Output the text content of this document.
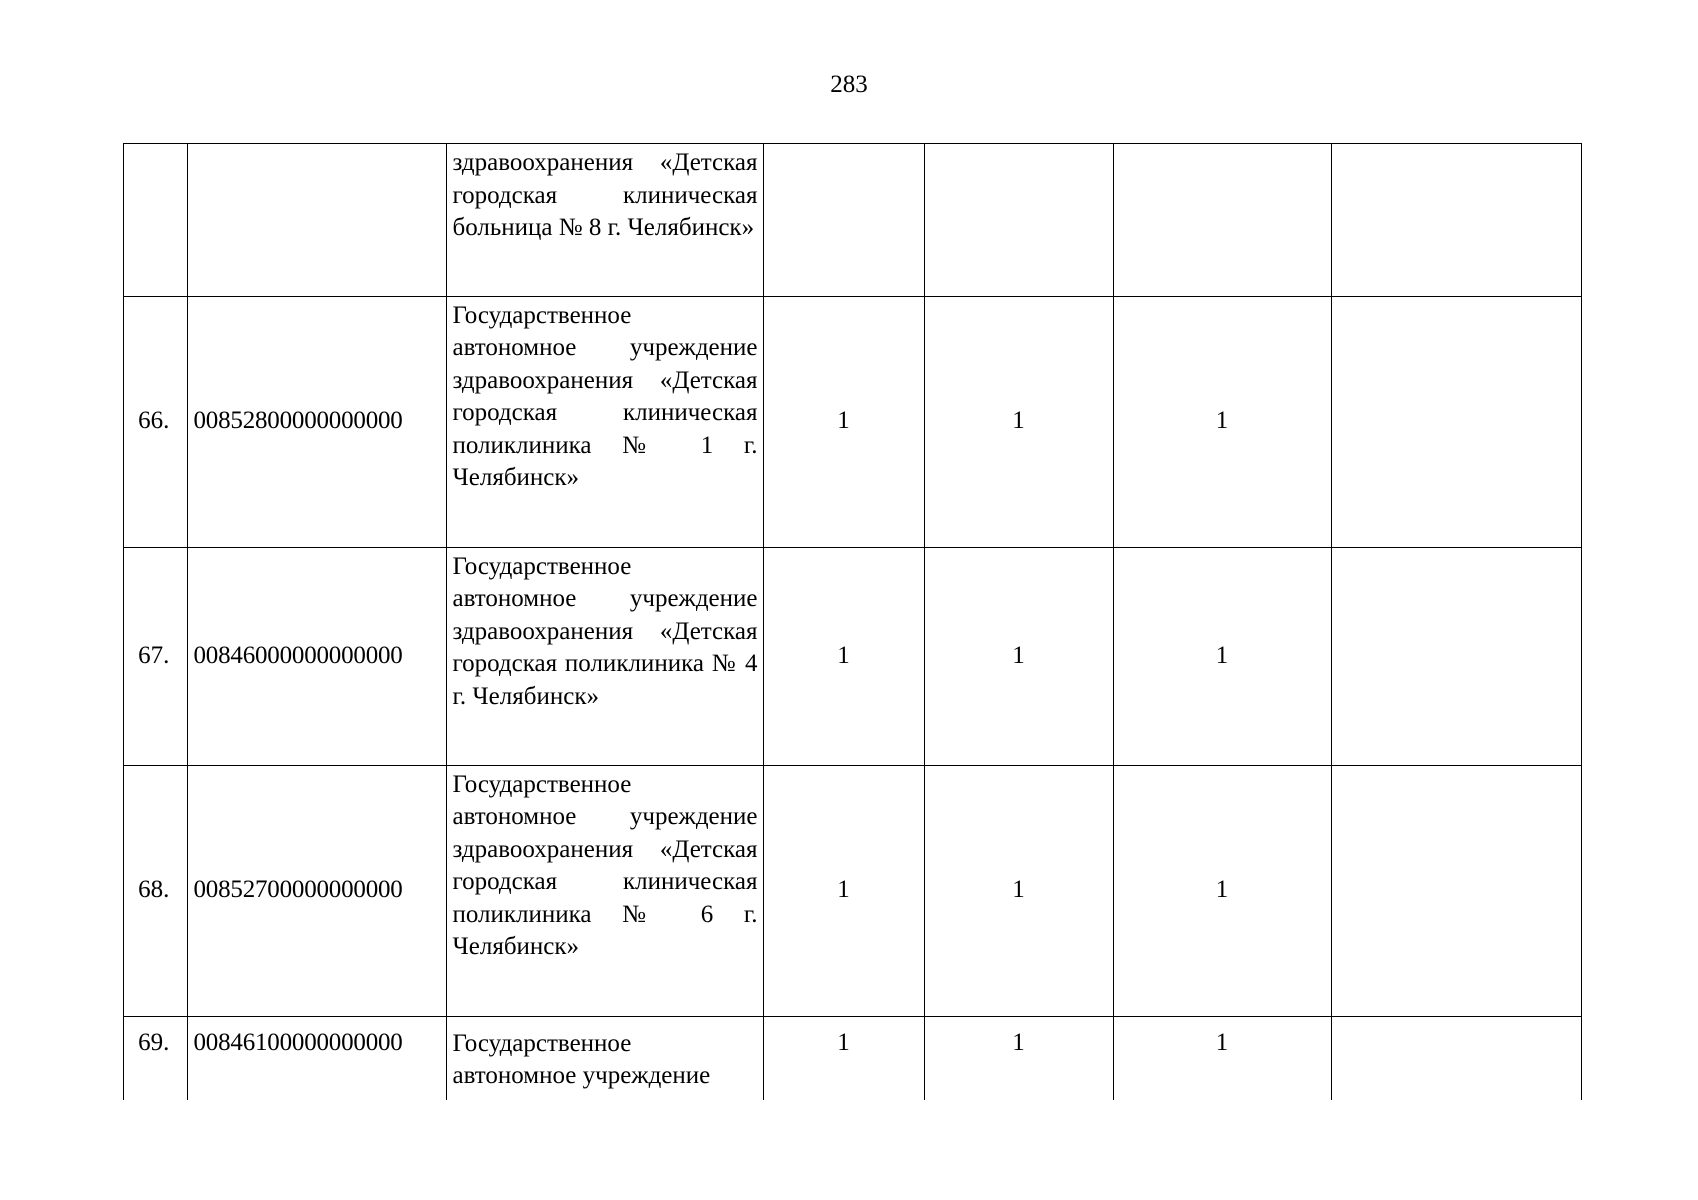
283
		здравоохранения «Детская городская клиническая больница № 8 г. Челябинск»				
66.	00852800000000000	Государственное автономное учреждение здравоохранения «Детская городская клиническая поликлиника № 1 г. Челябинск»	1	1	1	
67.	00846000000000000	Государственное автономное учреждение здравоохранения «Детская городская поликлиника № 4 г. Челябинск»	1	1	1	
68.	00852700000000000	Государственное автономное учреждение здравоохранения «Детская городская клиническая поликлиника № 6 г. Челябинск»	1	1	1	
69.	00846100000000000	Государственное автономное учреждение	1	1	1	
